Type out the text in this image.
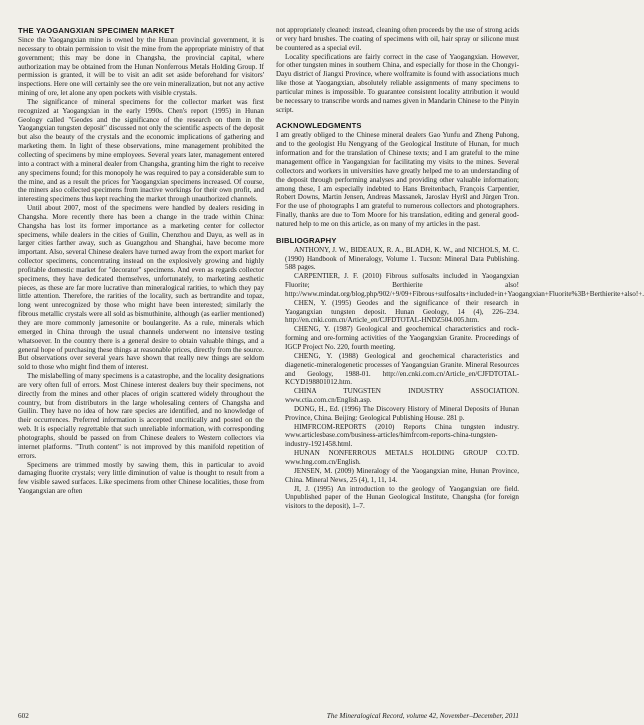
THE YAOGANGXIAN SPECIMEN MARKET

Since the Yaogangxian mine is owned by the Hunan provincial government, it is necessary to obtain permission to visit the mine from the appropriate ministry of that government; this may be done in Changsha, the provincial capital, where authorization may be obtained from the Hunan Nonferrous Metals Holding Group. If permission is granted, it will be to visit an adit set aside beforehand for visitors' inspections. Here one will certainly see the ore vein mineralization, but not any active mining of ore, let alone any open pockets with visible crystals.

The significance of mineral specimens for the collector market was first recognized at Yaogangxian in the early 1990s. Chen's report (1995) in Hunan Geology called "Geodes and the significance of the research on them in the Yaogangxian tungsten deposit" discussed not only the scientific aspects of the deposit but also the beauty of the crystals and the economic implications of gathering and marketing them. In light of these observations, mine management prohibited the collecting of specimens by mine employees. Several years later, management entered into a contract with a mineral dealer from Changsha, granting him the right to receive any specimens found; for this monopoly he was required to pay a considerable sum to the mine, and as a result the prices for Yaogangxian specimens increased. Of course, the miners also collected specimens from inactive workings for their own profit, and interesting specimens thus kept reaching the market through unauthorized channels.

Until about 2007, most of the specimens were handled by dealers residing in Changsha. More recently there has been a change in the trade within China: Changsha has lost its former importance as a marketing center for collector specimens, while dealers in the cities of Guilin, Chenzhou and Dayu, as well as in larger cities farther away, such as Guangzhou and Shanghai, have become more important. Also, several Chinese dealers have turned away from the export market for collector specimens, concentrating instead on the explosively growing and highly profitable domestic market for "decorator" specimens. And even as regards collector specimens, they have dedicated themselves, unfortunately, to marketing aesthetic pieces, as these are far more lucrative than mineralogical rarities, to which they pay little attention. Therefore, the rarities of the locality, such as bertrandite and topaz, long went unrecognized by those who might have been interested; similarly the fibrous metallic crystals were all sold as bismuthinite, although (as earlier mentioned) they are more commonly jamesonite or boulangerite. As a rule, minerals which emerged in China through the usual channels underwent no intensive testing whatsoever. In the country there is a general desire to obtain valuable things, and a general hope of purchasing these things at reasonable prices, directly from the source. But observations over several years have shown that really new things are seldom sold to those who might find them of interest.

The mislabelling of many specimens is a catastrophe, and the locality designations are very often full of errors. Most Chinese interest dealers buy their specimens, not directly from the mines and other places of origin scattered widely throughout the country, but from distributors in the large wholesaling centers of Changsha and Guilin. They have no idea of how rare species are identified, and no knowledge of their occurrences. Preferred information is accepted uncritically and posted on the web. It is especially regrettable that such unreliable information, with corresponding photographs, should be passed on from Chinese dealers to Western collectors via internet platforms. "Truth content" is not improved by this manifold repetition of errors.

Specimens are trimmed mostly by sawing them, this in particular to avoid damaging fluorite crystals; very little diminution of value is thought to result from a few visible sawed surfaces. Like specimens from other Chinese localities, those from Yaogangxian are often

not appropriately cleaned: instead, cleaning often proceeds by the use of strong acids or very hard brushes. The coating of specimens with oil, hair spray or silicone must be countered as a special evil.

Locality specifications are fairly correct in the case of Yaogangxian. However, for other tungsten mines in southern China, and especially for those in the Chongyi-Dayu district of Jiangxi Province, where wolframite is found with associations much like those at Yaogangxian, absolutely reliable assignments of many specimens to particular mines is impossible. To guarantee consistent locality attribution it would be necessary to transcribe words and names given in Mandarin Chinese to the Pinyin script.

ACKNOWLEDGMENTS

I am greatly obliged to the Chinese mineral dealers Gao Yunfu and Zheng Puhong, and to the geologist Hu Nengyang of the Geological Institute of Hunan, for much information and for the translation of Chinese texts; and I am grateful to the mine management office in Yaogangxian for facilitating my visits to the mines. Several collectors and workers in universities have greatly helped me to an understanding of the deposit through performing analyses and providing other valuable information; among these, I am especially indebted to Hans Breitenbach, François Carpentier, Robert Downs, Martin Jensen, Andreas Massanek, Jaroslav Hyršl and Jürgen Tron. For the use of photographs I am grateful to numerous collectors and photographers. Finally, thanks are due to Tom Moore for his translation, editing and general good-natured help to me on this article, as on many of my articles in the past.

BIBLIOGRAPHY

ANTHONY, J. W., BIDEAUX, R. A., BLADH, K. W., and NICHOLS, M. C. (1990) Handbook of Mineralogy, Volume 1. Tucson: Mineral Data Publishing. 588 pages.

CARPENTIER, J. F. (2010) Fibrous sulfosalts included in Yaogangxian Fluorite; Berthierite also! http://www.mindat.org/blog.php/902/+9/09+Fibrous+sulfosalts+included+in+Yaogangxian+Fluorite%3B+Berthierite+also!+.

CHEN, Y. (1995) Geodes and the significance of their research in Yaogangxian tungsten deposit. Hunan Geology, 14 (4), 226–234. http://en.cnki.com.cn/Article_en/CJFDTOTAL-HNDZ504.005.htm.

CHENG, Y. (1987) Geological and geochemical characteristics and rock-forming and ore-forming activities of the Yaogangxian Granite. Proceedings of IGCP Project No. 220, fourth meeting.

CHENG, Y. (1988) Geological and geochemical characteristics and diagenetic-mineralogenetic processes of Yaogangxian Granite. Mineral Resources and Geology, 1988-01. http://en.cnki.com.cn/Article_en/CJFDTOTAL-KCYD198801012.htm.

CHINA TUNGSTEN INDUSTRY ASSOCIATION. www.ctia.com.cn/English.asp.

DONG, H., Ed. (1996) The Discovery History of Mineral Deposits of Hunan Province, China. Beijing: Geological Publishing House. 281 p.

HIMFRCOM-REPORTS (2010) Reports China tungsten industry. www.articlesbase.com/business-articles/himfrcom-reports-china-tungsten-industry-1921458.html.

HUNAN NONFERROUS METALS HOLDING GROUP CO.TD. www.hng.com.cn/English.

JENSEN, M. (2009) Mineralogy of the Yaogangxian mine, Hunan Province, China. Mineral News, 25 (4), 1, 11, 14.

JI, J. (1995) An introduction to the geology of Yaogangxian ore field. Unpublished paper of the Hunan Geological Institute, Changsha (for foreign visitors to the deposit), 1–7.

602	The Mineralogical Record, volume 42, November–December, 2011
